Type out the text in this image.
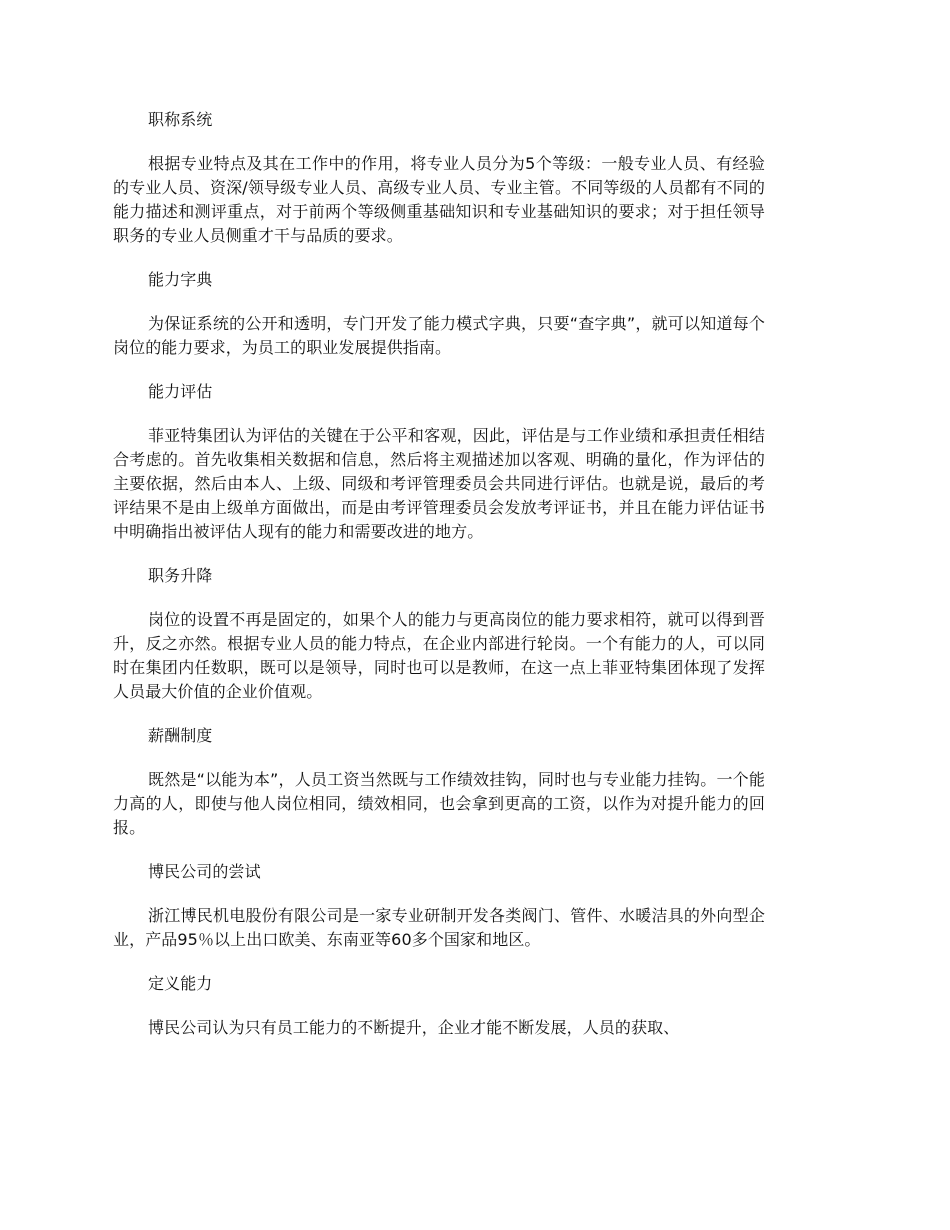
职称系统

根据专业特点及其在工作中的作用，将专业人员分为5个等级：一般专业人员、有经验的专业人员、资深/领导级专业人员、高级专业人员、专业主管。不同等级的人员都有不同的能力描述和测评重点，对于前两个等级侧重基础知识和专业基础知识的要求；对于担任领导职务的专业人员侧重才干与品质的要求。

能力字典

为保证系统的公开和透明，专门开发了能力模式字典，只要“查字典”，就可以知道每个岗位的能力要求，为员工的职业发展提供指南。

能力评估

菲亚特集团认为评估的关键在于公平和客观，因此，评估是与工作业绩和承担责任相结合考虑的。首先收集相关数据和信息，然后将主观描述加以客观、明确的量化，作为评估的主要依据，然后由本人、上级、同级和考评管理委员会共同进行评估。也就是说，最后的考评结果不是由上级单方面做出，而是由考评管理委员会发放考评证书，并且在能力评估证书中明确指出被评估人现有的能力和需要改进的地方。

职务升降

岗位的设置不再是固定的，如果个人的能力与更高岗位的能力要求相符，就可以得到晋升，反之亦然。根据专业人员的能力特点，在企业内部进行轮岗。一个有能力的人，可以同时在集团内任数职，既可以是领导，同时也可以是教师，在这一点上菲亚特集团体现了发挥人员最大价值的企业价值观。

薪酬制度

既然是“以能为本”，人员工资当然既与工作绩效挂钩，同时也与专业能力挂钩。一个能力高的人，即使与他人岗位相同，绩效相同，也会拿到更高的工资，以作为对提升能力的回报。

博民公司的尝试

浙江博民机电股份有限公司是一家专业研制开发各类阀门、管件、水暖洁具的外向型企业，产品95％以上出口欧美、东南亚等60多个国家和地区。

定义能力

博民公司认为只有员工能力的不断提升，企业才能不断发展，人员的获取、
